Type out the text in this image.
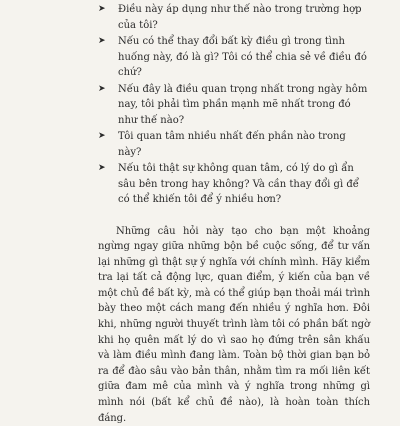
➤	Điều này áp dụng như thế nào trong trường hợp của tôi?
➤	Nếu có thể thay đổi bất kỳ điều gì trong tình huống này, đó là gì? Tôi có thể chia sẻ về điều đó chứ?
➤	Nếu đây là điều quan trọng nhất trong ngày hôm nay, tôi phải tìm phần mạnh mẽ nhất trong đó như thế nào?
➤	Tôi quan tâm nhiều nhất đến phần nào trong này?
➤	Nếu tôi thật sự không quan tâm, có lý do gì ẩn sâu bên trong hay không? Và cần thay đổi gì để có thể khiến tôi để ý nhiều hơn?

Những câu hỏi này tạo cho bạn một khoảng ngừng ngay giữa những bộn bề cuộc sống, để tư vấn lại những gì thật sự ý nghĩa với chính mình. Hãy kiểm tra lại tất cả động lực, quan điểm, ý kiến của bạn về một chủ đề bất kỳ, mà có thể giúp bạn thoải mái trình bày theo một cách mang đến nhiều ý nghĩa hơn. Đôi khi, những người thuyết trình làm tôi có phần bất ngờ khi họ quên mất lý do vì sao họ đứng trên sân khấu và làm điều mình đang làm. Toàn bộ thời gian bạn bỏ ra để đào sâu vào bản thân, nhằm tìm ra mối liên kết giữa đam mê của mình và ý nghĩa trong những gì mình nói (bất kể chủ đề nào), là hoàn toàn thích đáng.
